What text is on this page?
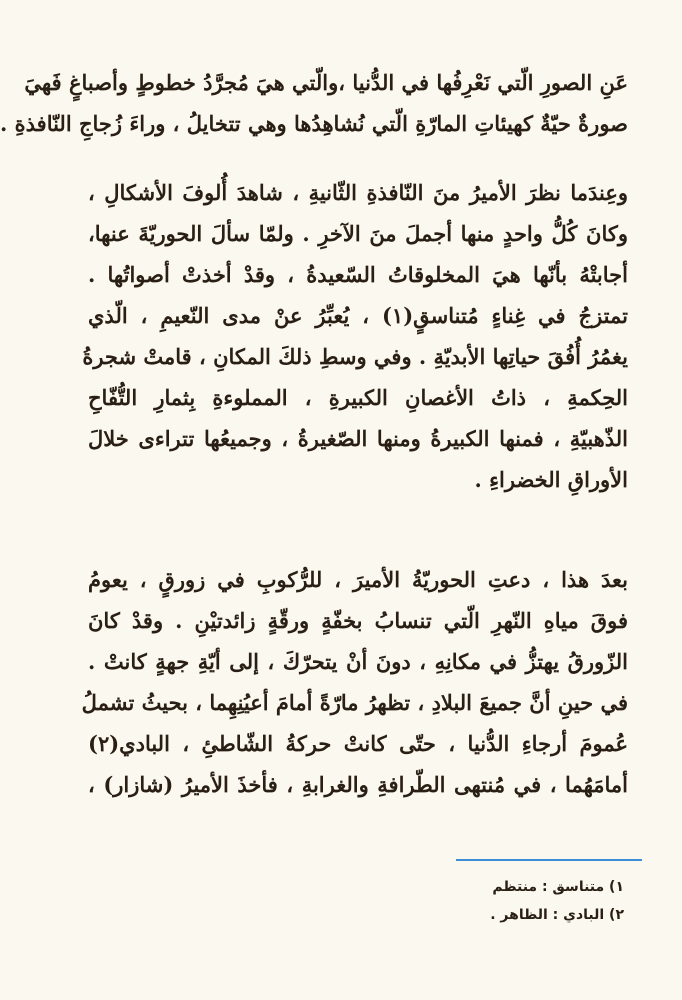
عَنِ الصورِ الّتي نَعْرِفُها في الدُّنيا ،والّتي هيَ مُجرَّدُ خطوطٍ وأصباغٍ فَهيَ
صورةٌ حيّةٌ كهيئاتِ المارّةِ الّتي نُشاهِدُها وهي تتخايلُ ، وراءَ زُجاجِ النّافذةِ .
وعِندَما نظرَ الأميرُ منَ النّافذةِ الثّانيةِ ، شاهدَ أُلوفَ الأشكالِ ،
وكانَ كُلُّ واحدٍ منها أجملَ منَ الآخرِ . ولمّا سألَ الحوريّةَ عنها،
أجابتْهُ بأنّها هيَ المخلوقاتُ السّعيدةُ ، وقدْ أخذتْ أصواتُها .
تمتزجُ في غِناءٍ مُتناسقٍ(١) ، يُعبِّرُ عنْ مدى النّعيمِ ، الّذي
يغمُرُ أُفُقَ حياتِها الأبديّةِ . وفي وسطِ ذلكَ المكانِ ، قامتْ شجرةُ
الحِكمةِ ، ذاتُ الأغصانِ الكبيرةِ ، المملوءةِ بِثمارِ التُّفّاحِ
الذّهبيّةِ ، فمنها الكبيرةُ ومنها الصّغيرةُ ، وجميعُها تتراءى خلالَ
الأوراقِ الخضراءِ .
بعدَ هذا ، دعتِ الحوريّةُ الأميرَ ، للرُّكوبِ في زورقٍ ، يعومُ
فوقَ مياهِ النّهرِ الّتي تنسابُ بخفّةٍ ورقّةٍ زائدتيْنِ . وقدْ كانَ
الزّورقُ يهتزُّ في مكانِهِ ، دونَ أنْ يتحرّكَ ، إلى أيّةِ جهةٍ كانتْ .
في حينِ أنَّ جميعَ البلادِ ، تظهرُ مارّةً أمامَ أعيُنِهِما ، بحيثُ تشملُ
عُمومَ أرجاءِ الدُّنيا ، حتّى كانتْ حركةُ الشّاطئِ ، البادي(٢)
أمامَهُما ، في مُنتهى الطّرافةِ والغرابةِ ، فأخذَ الأميرُ (شازار) ،
١) متناسق : منتظم
٢) البادي : الظاهر .
